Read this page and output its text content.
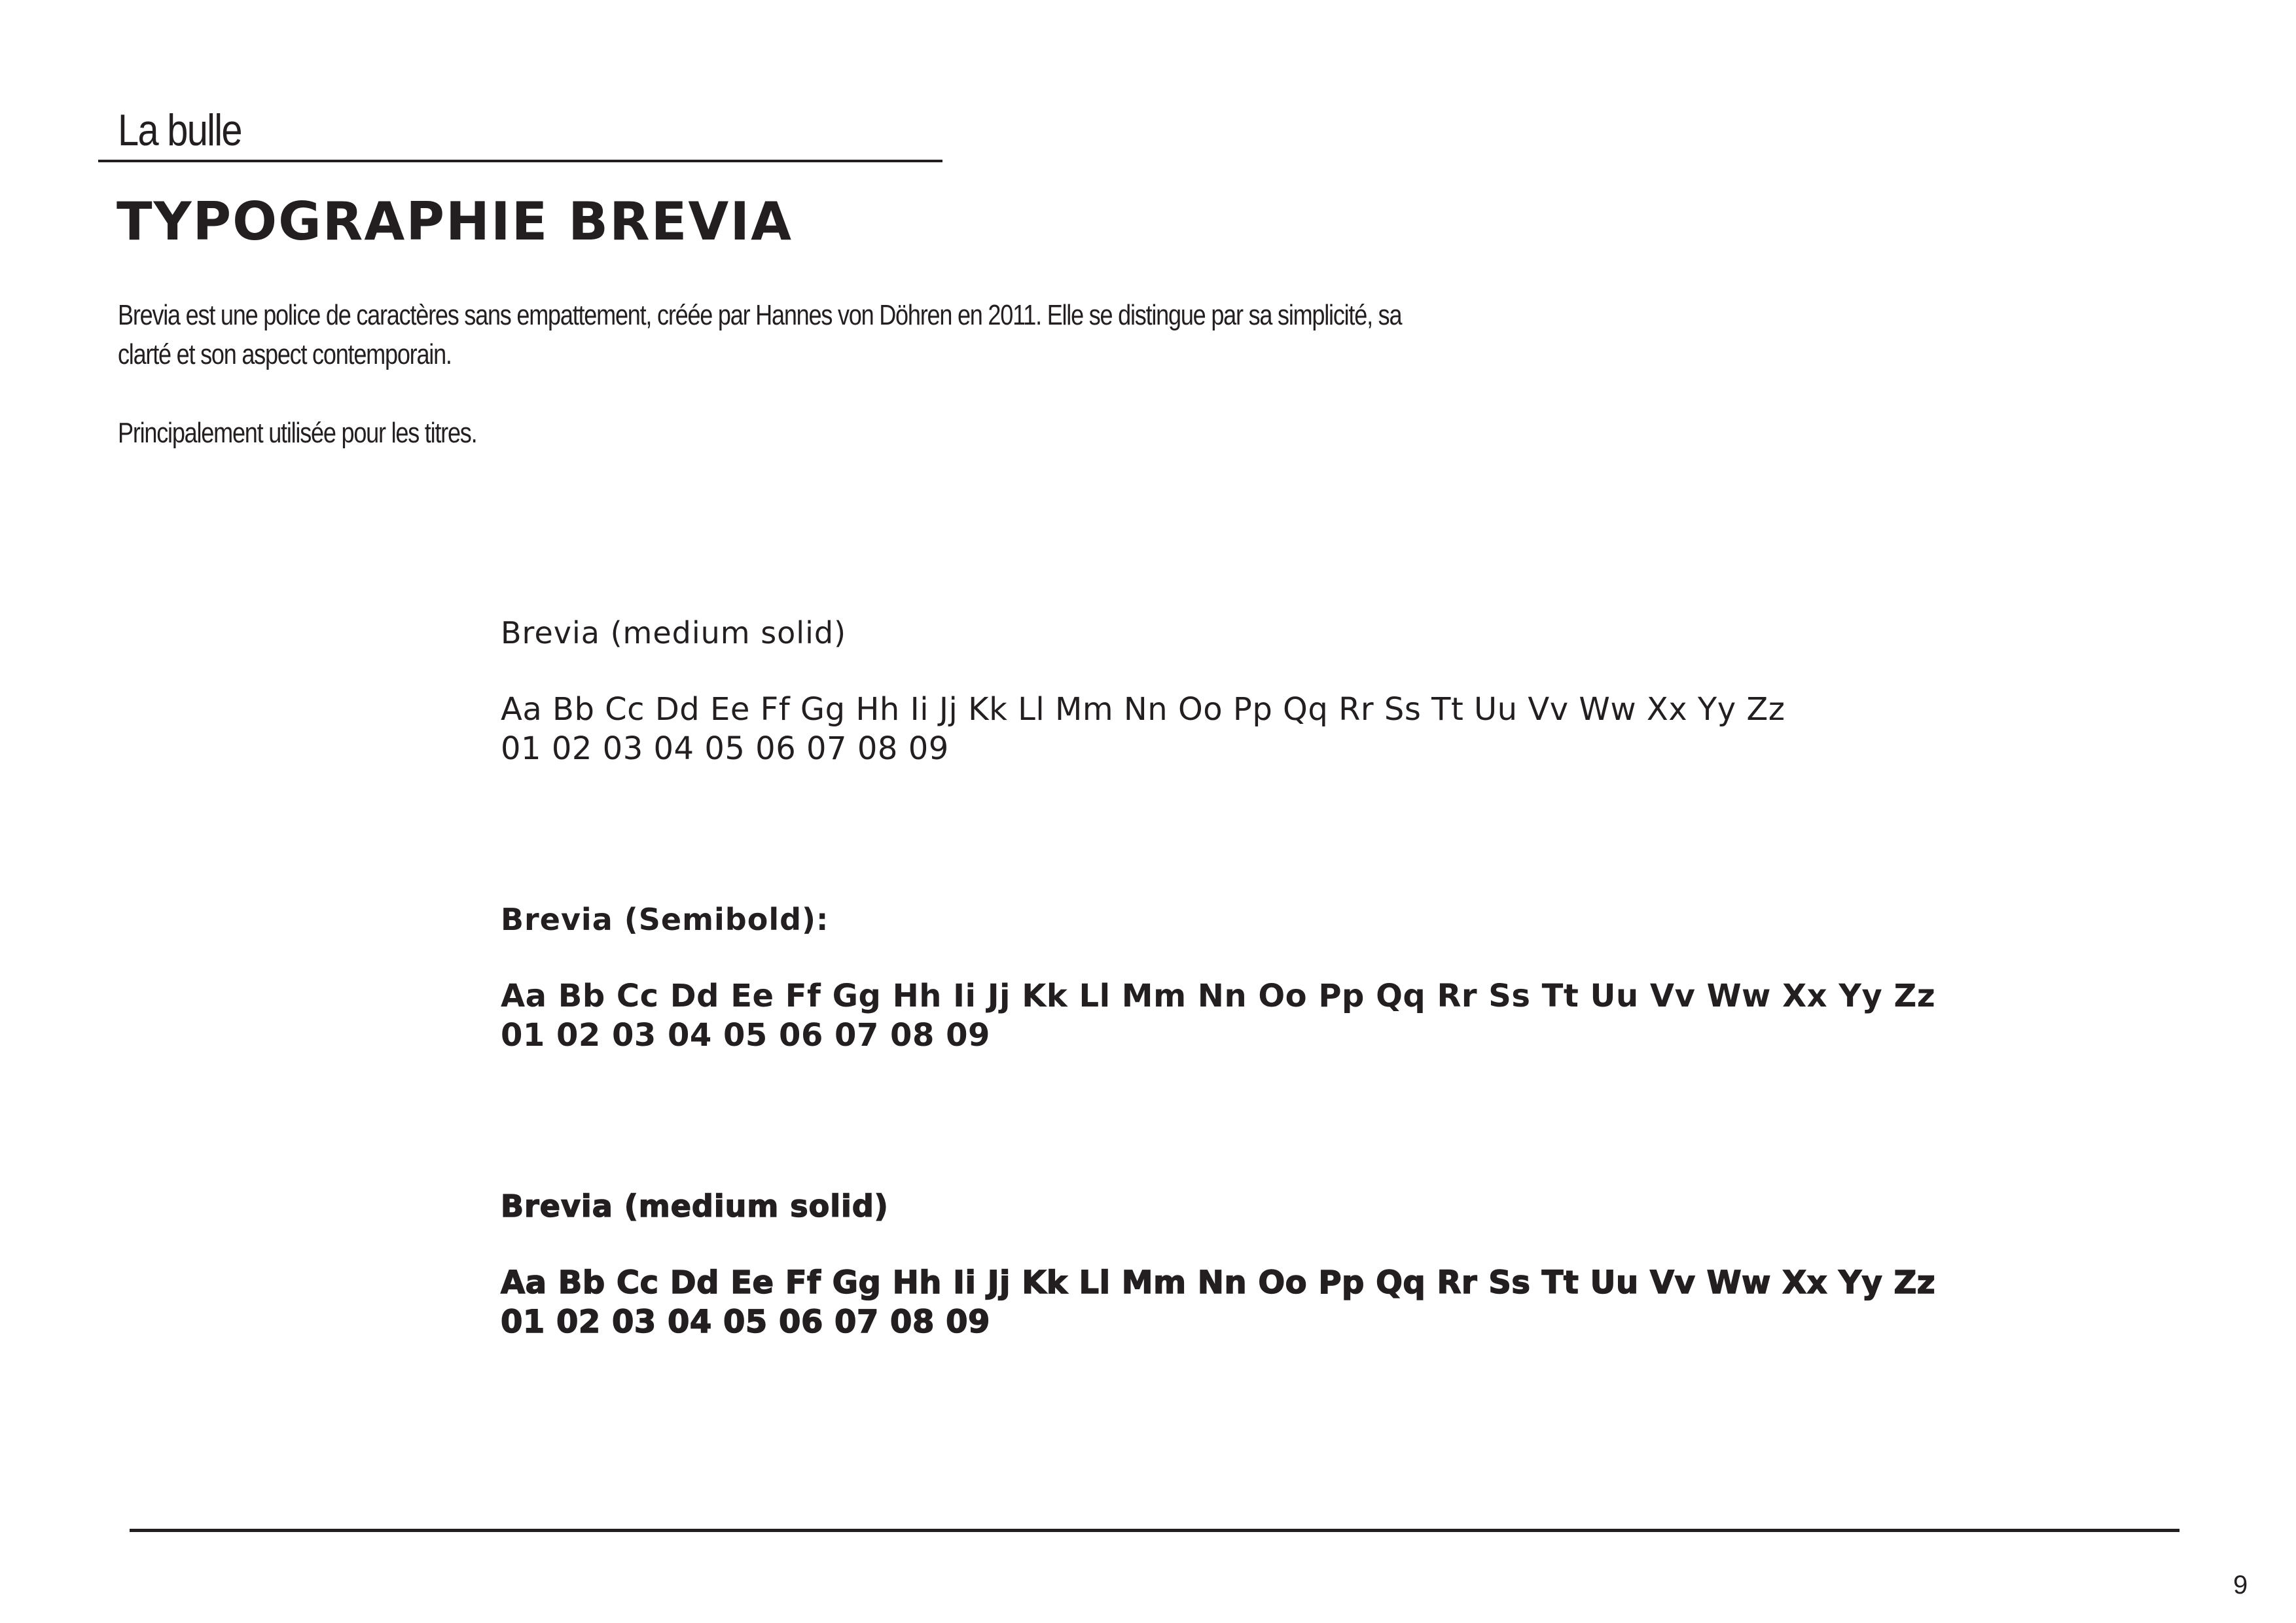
La bulle
TYPOGRAPHIE BREVIA
Brevia est une police de caractères sans empattement, créée par Hannes von Döhren en 2011. Elle se distingue par sa simplicité, sa
clarté et son aspect contemporain.
Principalement utilisée pour les titres.
Brevia (medium solid)
Aa Bb Cc Dd Ee Ff Gg Hh Ii Jj Kk Ll Mm Nn Oo Pp Qq Rr Ss Tt Uu Vv Ww Xx Yy Zz
01 02 03 04 05 06 07 08 09
Brevia (Semibold):
Aa Bb Cc Dd Ee Ff Gg Hh Ii Jj Kk Ll Mm Nn Oo Pp Qq Rr Ss Tt Uu Vv Ww Xx Yy Zz
01 02 03 04 05 06 07 08 09
Brevia (medium solid)
Aa Bb Cc Dd Ee Ff Gg Hh Ii Jj Kk Ll Mm Nn Oo Pp Qq Rr Ss Tt Uu Vv Ww Xx Yy Zz
01 02 03 04 05 06 07 08 09
9
